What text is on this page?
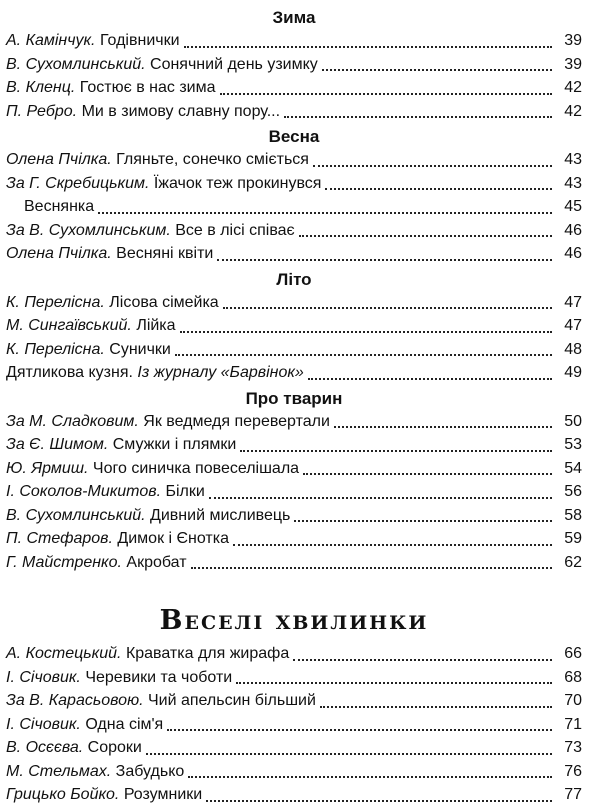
Зима
А. Камінчук. Годівнички	39
В. Сухомлинський. Сонячний день узимку	39
В. Кленц. Гостює в нас зима	42
П. Ребро. Ми в зимову славну пору...	42
Весна
Олена Пчілка. Гляньте, сонечко сміється	43
За Г. Скребицьким. Їжачок теж прокинувся	43
Веснянка	45
За В. Сухомлинським. Все в лісі співає	46
Олена Пчілка. Весняні квіти	46
Літо
К. Перелісна. Лісова сімейка	47
М. Сингаївський. Лійка	47
К. Перелісна. Сунички	48
Дятликова кузня. Із журналу «Барвінок»	49
Про тварин
За М. Сладковим. Як ведмедя перевертали	50
За Є. Шимом. Смужки і плямки	53
Ю. Ярмиш. Чого синичка повеселішала	54
І. Соколов-Микитов. Білки	56
В. Сухомлинський. Дивний мисливець	58
П. Стефаров. Димок і Єнотка	59
Г. Майстренко. Акробат	62
Веселі хвилинки
А. Костецький. Краватка для жирафа	66
І. Січовик. Черевики та чоботи	68
За В. Карасьовою. Чий апельсин більший	70
І. Січовик. Одна сім'я	71
В. Осєєва. Сороки	73
М. Стельмах. Забудько	76
Грицько Бойко. Розумники	77
